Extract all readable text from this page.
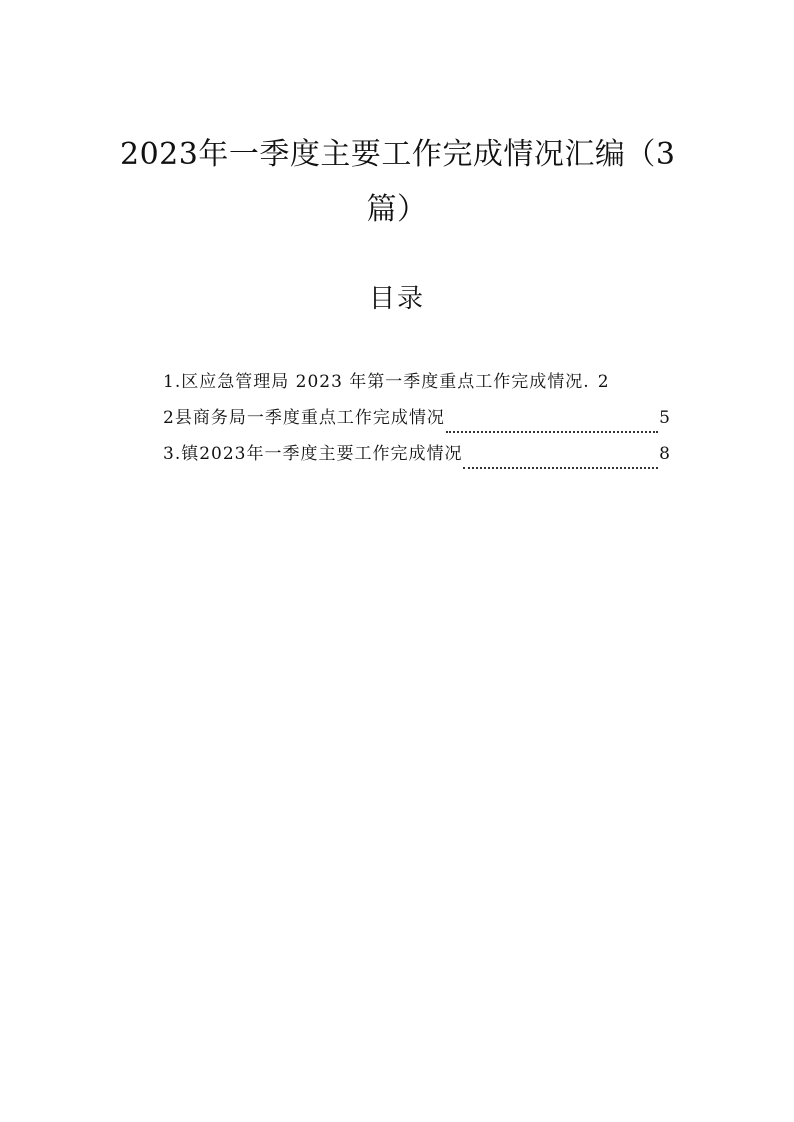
2023年一季度主要工作完成情况汇编（3
篇）
目录
1.区应急管理局 2023 年第一季度重点工作完成情况. 2
2县商务局一季度重点工作完成情况	5
3.镇2023年一季度主要工作完成情况	8
